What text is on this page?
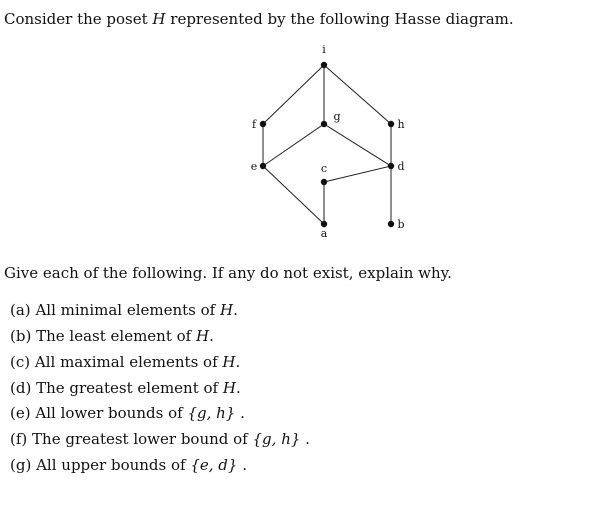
Consider the poset H represented by the following Hasse diagram.
i
f
g
h
e	d
c
a
b
Give each of the following. If any do not exist, explain why.
(a) All minimal elements of H.
(b) The least element of H.
(c) All maximal elements of H.
(d) The greatest element of H.
(e) All lower bounds of {g, h} .
(f) The greatest lower bound of {g, h} .
(g) All upper bounds of {e, d} .
